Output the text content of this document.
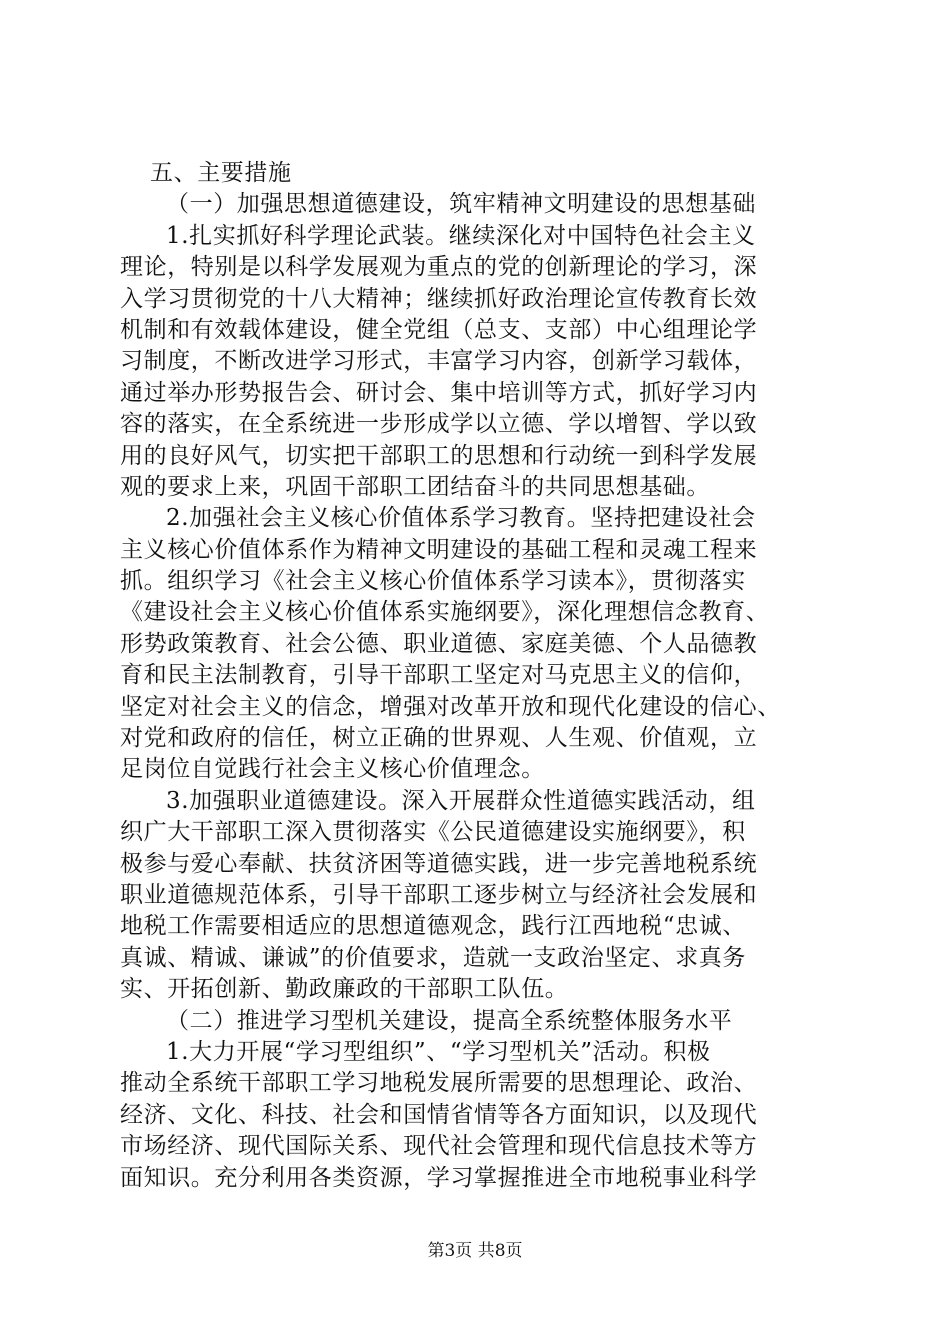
五、主要措施
（一）加强思想道德建设，筑牢精神文明建设的思想基础
1.扎实抓好科学理论武装。继续深化对中国特色社会主义
理论，特别是以科学发展观为重点的党的创新理论的学习，深
入学习贯彻党的十八大精神；继续抓好政治理论宣传教育长效
机制和有效载体建设，健全党组（总支、支部）中心组理论学
习制度，不断改进学习形式，丰富学习内容，创新学习载体，
通过举办形势报告会、研讨会、集中培训等方式，抓好学习内
容的落实，在全系统进一步形成学以立德、学以增智、学以致
用的良好风气，切实把干部职工的思想和行动统一到科学发展
观的要求上来，巩固干部职工团结奋斗的共同思想基础。
2.加强社会主义核心价值体系学习教育。坚持把建设社会
主义核心价值体系作为精神文明建设的基础工程和灵魂工程来
抓。组织学习《社会主义核心价值体系学习读本》，贯彻落实
《建设社会主义核心价值体系实施纲要》，深化理想信念教育、
形势政策教育、社会公德、职业道德、家庭美德、个人品德教
育和民主法制教育，引导干部职工坚定对马克思主义的信仰，
坚定对社会主义的信念，增强对改革开放和现代化建设的信心、
对党和政府的信任，树立正确的世界观、人生观、价值观，立
足岗位自觉践行社会主义核心价值理念。
3.加强职业道德建设。深入开展群众性道德实践活动，组
织广大干部职工深入贯彻落实《公民道德建设实施纲要》，积
极参与爱心奉献、扶贫济困等道德实践，进一步完善地税系统
职业道德规范体系，引导干部职工逐步树立与经济社会发展和
地税工作需要相适应的思想道德观念，践行江西地税“忠诚、
真诚、精诚、谦诚”的价值要求，造就一支政治坚定、求真务
实、开拓创新、勤政廉政的干部职工队伍。
（二）推进学习型机关建设，提高全系统整体服务水平
1.大力开展“学习型组织”、“学习型机关”活动。积极
推动全系统干部职工学习地税发展所需要的思想理论、政治、
经济、文化、科技、社会和国情省情等各方面知识，以及现代
市场经济、现代国际关系、现代社会管理和现代信息技术等方
面知识。充分利用各类资源，学习掌握推进全市地税事业科学
第3页 共8页
